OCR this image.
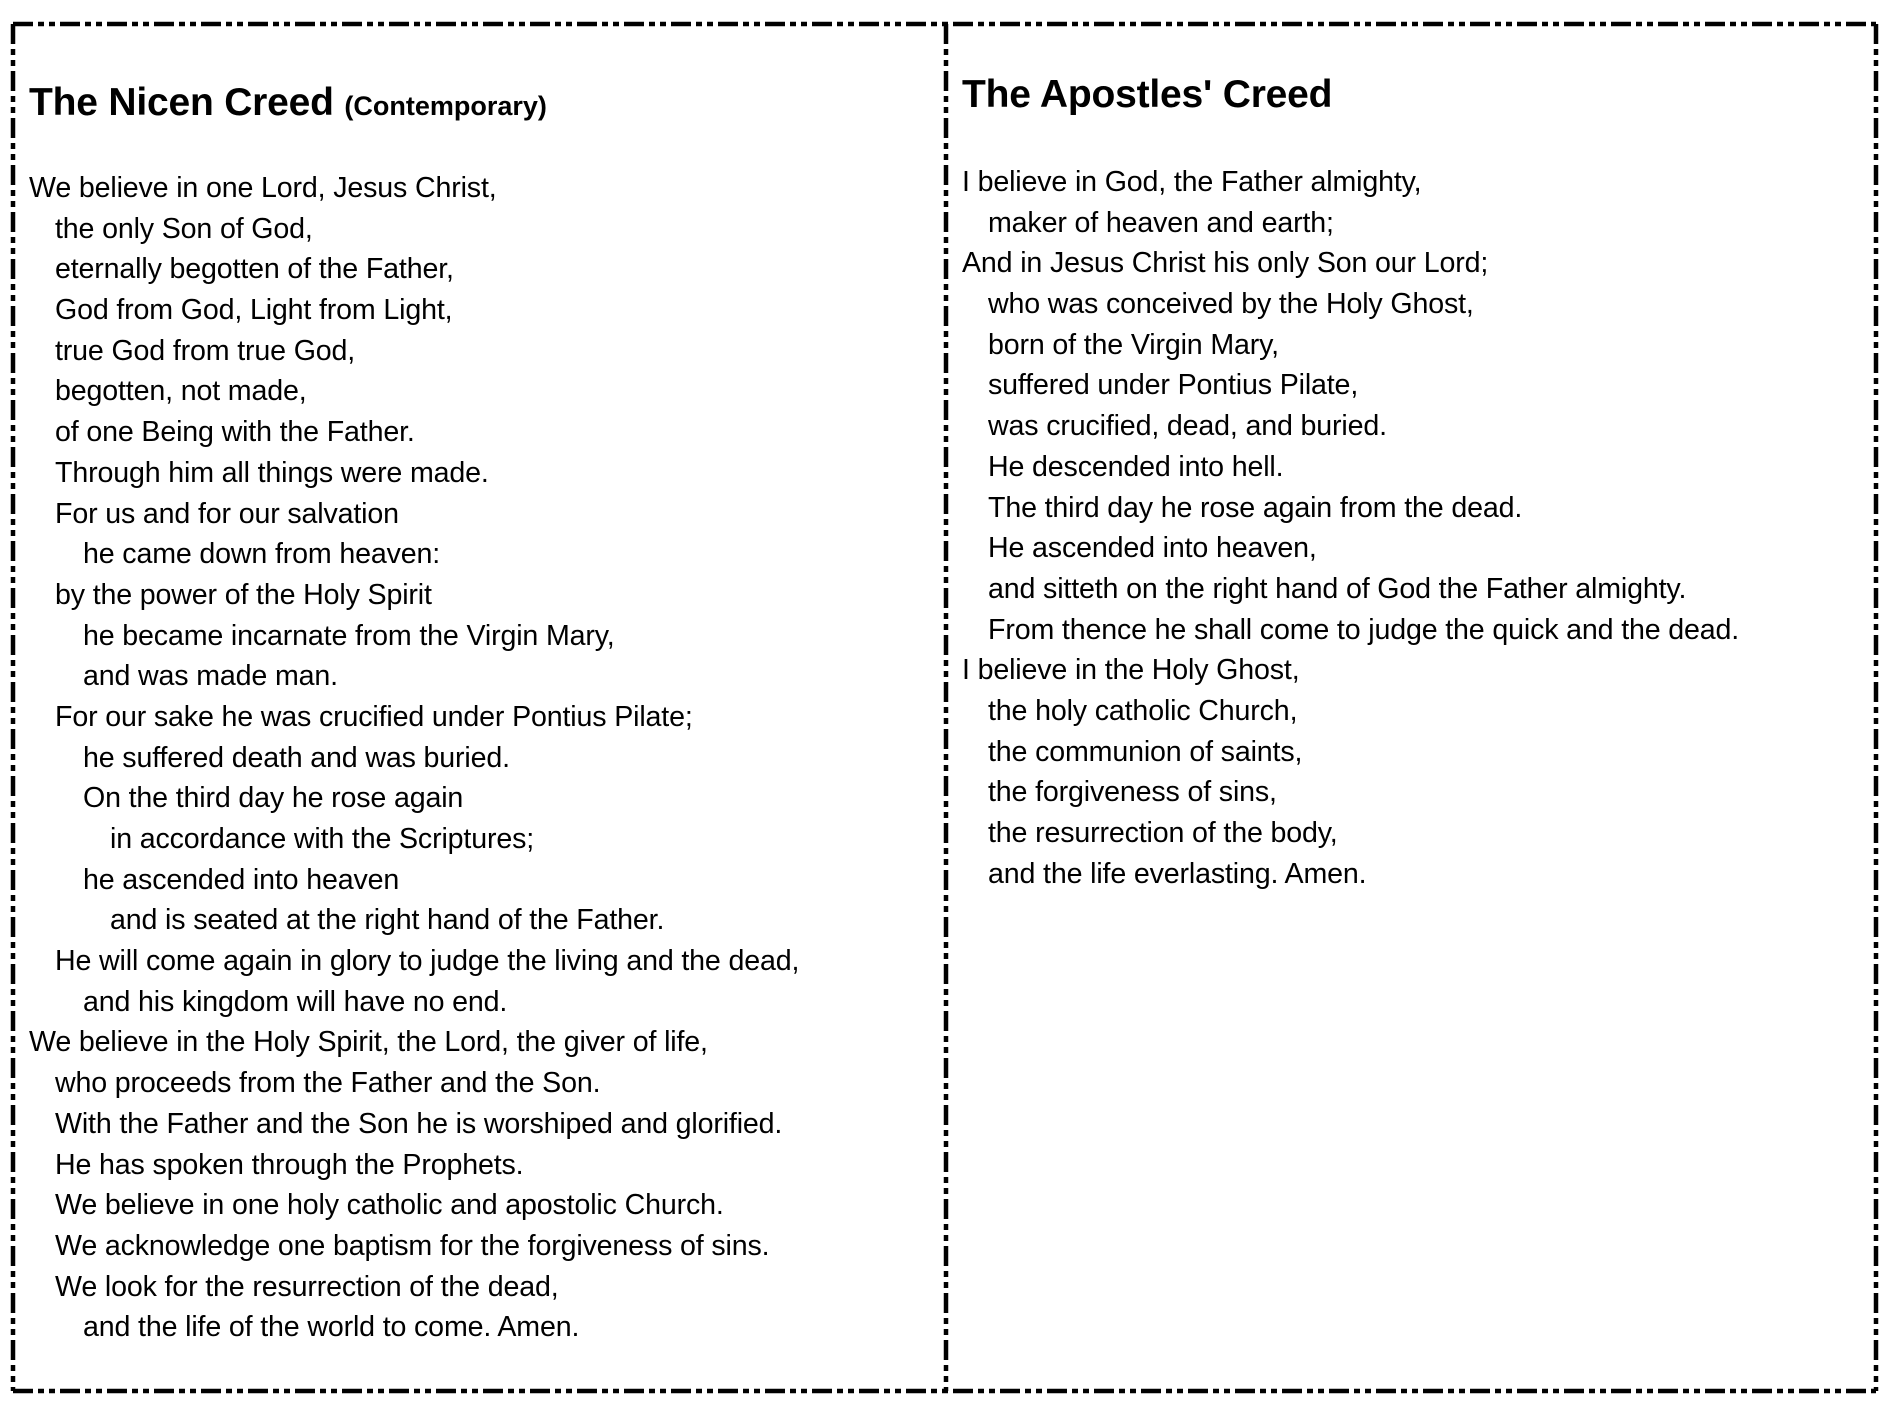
The Nicen Creed (Contemporary)
We believe in one Lord, Jesus Christ,
the only Son of God,
eternally begotten of the Father,
God from God, Light from Light,
true God from true God,
begotten, not made,
of one Being with the Father.
Through him all things were made.
For us and for our salvation
he came down from heaven:
by the power of the Holy Spirit
he became incarnate from the Virgin Mary,
and was made man.
For our sake he was crucified under Pontius Pilate;
he suffered death and was buried.
On the third day he rose again
in accordance with the Scriptures;
he ascended into heaven
and is seated at the right hand of the Father.
He will come again in glory to judge the living and the dead,
and his kingdom will have no end.
We believe in the Holy Spirit, the Lord, the giver of life,
who proceeds from the Father and the Son.
With the Father and the Son he is worshiped and glorified.
He has spoken through the Prophets.
We believe in one holy catholic and apostolic Church.
We acknowledge one baptism for the forgiveness of sins.
We look for the resurrection of the dead,
and the life of the world to come. Amen.
The Apostles' Creed
I believe in God, the Father almighty,
maker of heaven and earth;
And in Jesus Christ his only Son our Lord;
who was conceived by the Holy Ghost,
born of the Virgin Mary,
suffered under Pontius Pilate,
was crucified, dead, and buried.
He descended into hell.
The third day he rose again from the dead.
He ascended into heaven,
and sitteth on the right hand of God the Father almighty.
From thence he shall come to judge the quick and the dead.
I believe in the Holy Ghost,
the holy catholic Church,
the communion of saints,
the forgiveness of sins,
the resurrection of the body,
and the life everlasting. Amen.
